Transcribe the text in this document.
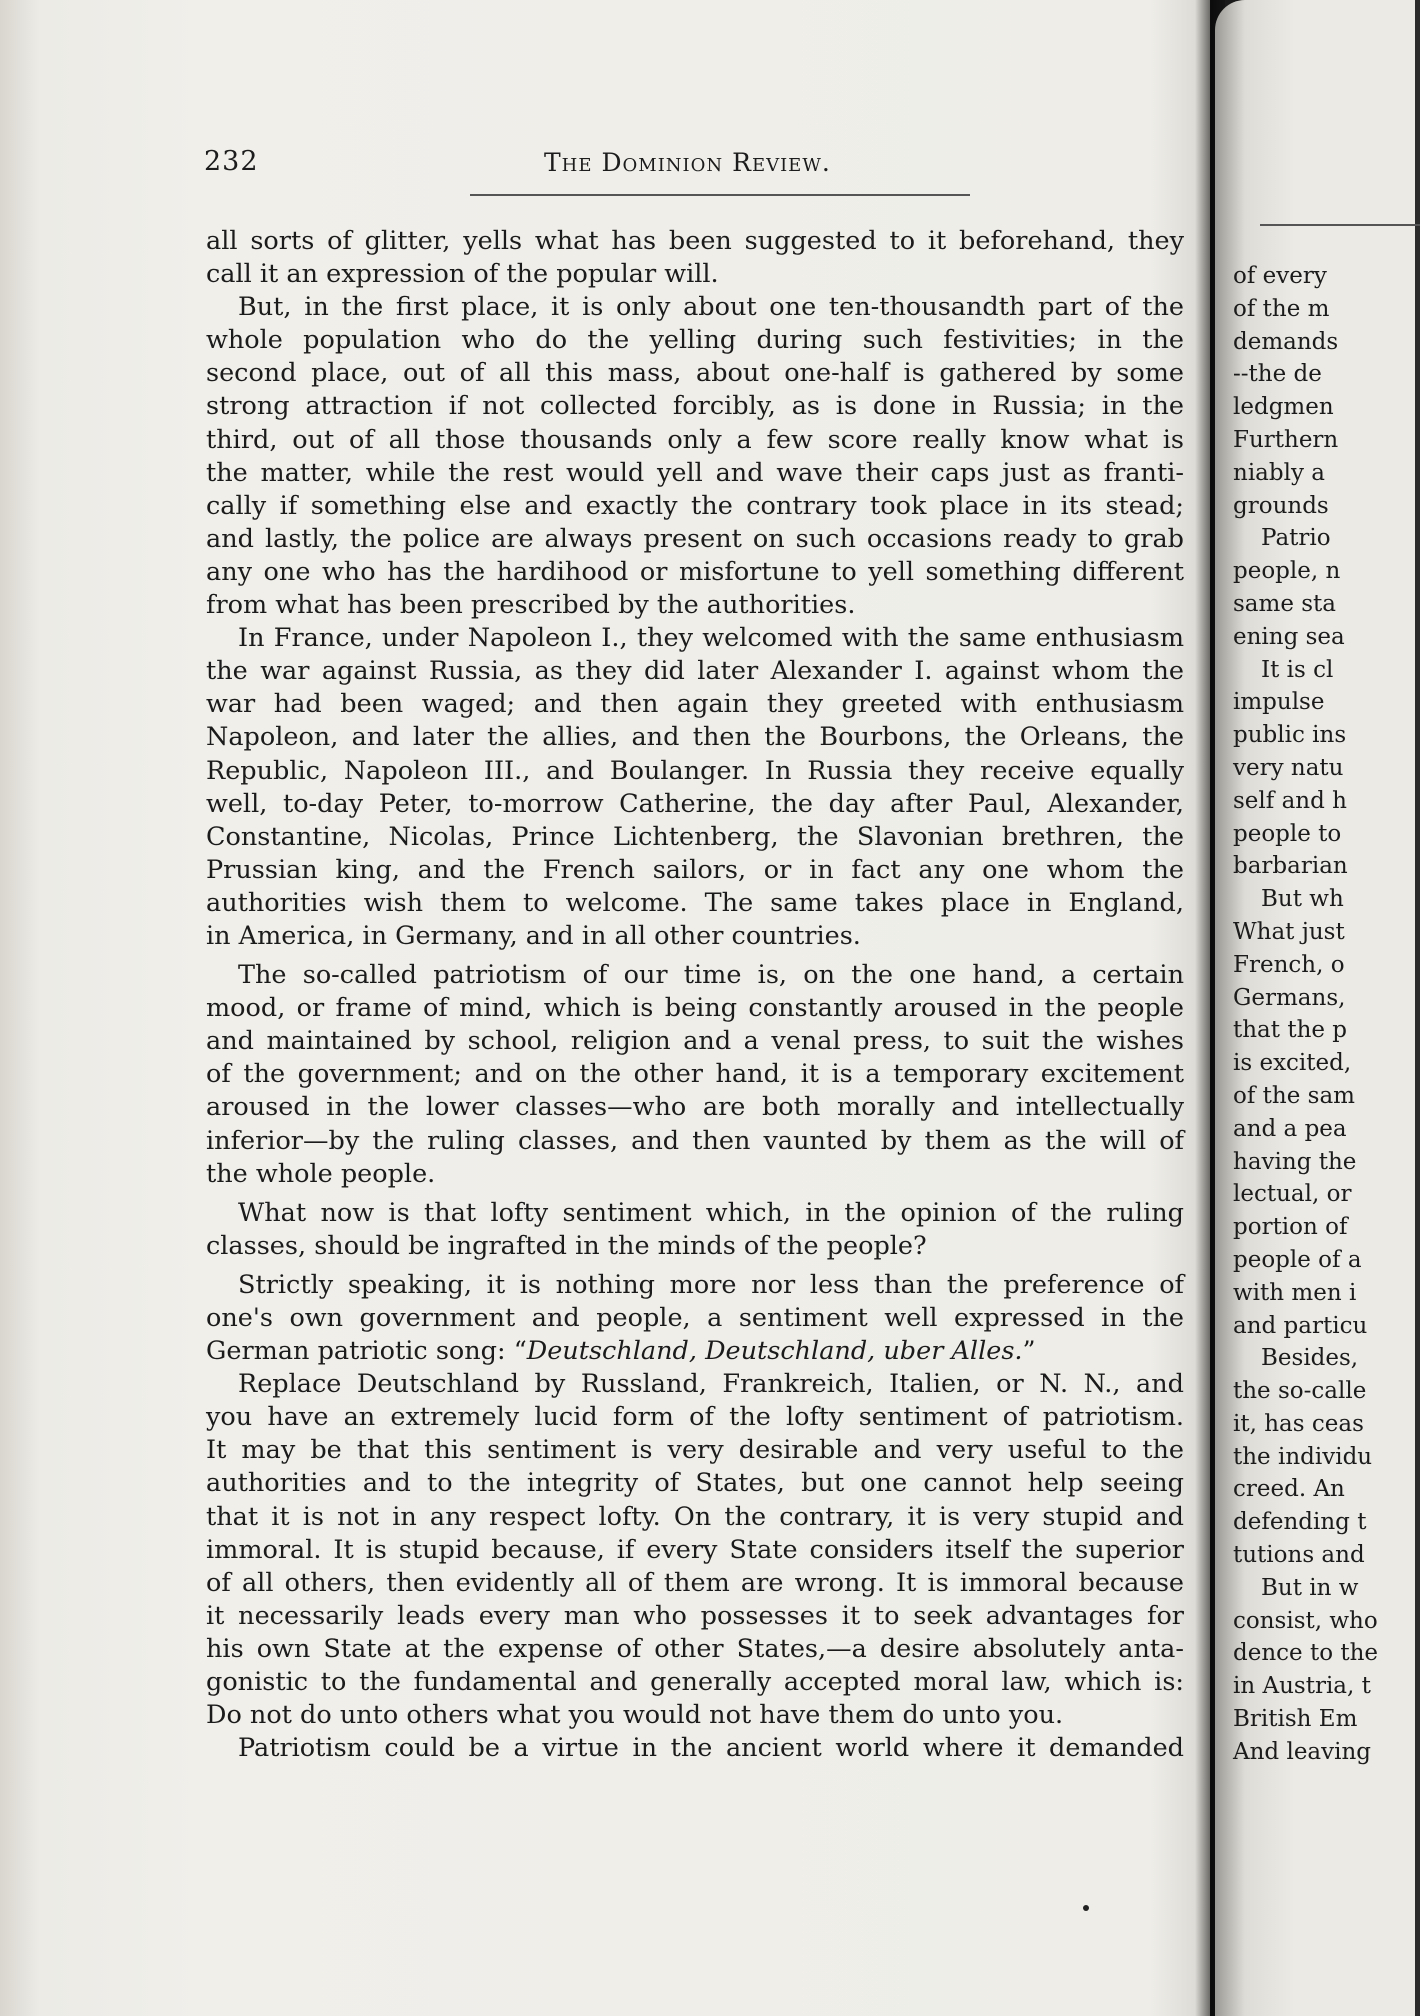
232	The Dominion Review.
all sorts of glitter, yells what has been suggested to it beforehand, they
call it an expression of the popular will.
But, in the first place, it is only about one ten-thousandth part of the
whole population who do the yelling during such festivities; in the
second place, out of all this mass, about one-half is gathered by some
strong attraction if not collected forcibly, as is done in Russia; in the
third, out of all those thousands only a few score really know what is
the matter, while the rest would yell and wave their caps just as franti-
cally if something else and exactly the contrary took place in its stead;
and lastly, the police are always present on such occasions ready to grab
any one who has the hardihood or misfortune to yell something different
from what has been prescribed by the authorities.
In France, under Napoleon I., they welcomed with the same enthusiasm
the war against Russia, as they did later Alexander I. against whom the
war had been waged; and then again they greeted with enthusiasm
Napoleon, and later the allies, and then the Bourbons, the Orleans, the
Republic, Napoleon III., and Boulanger. In Russia they receive equally
well, to-day Peter, to-morrow Catherine, the day after Paul, Alexander,
Constantine, Nicolas, Prince Lichtenberg, the Slavonian brethren, the
Prussian king, and the French sailors, or in fact any one whom the
authorities wish them to welcome. The same takes place in England,
in America, in Germany, and in all other countries.
The so-called patriotism of our time is, on the one hand, a certain
mood, or frame of mind, which is being constantly aroused in the people
and maintained by school, religion and a venal press, to suit the wishes
of the government; and on the other hand, it is a temporary excitement
aroused in the lower classes—who are both morally and intellectually
inferior—by the ruling classes, and then vaunted by them as the will of
the whole people.
What now is that lofty sentiment which, in the opinion of the ruling
classes, should be ingrafted in the minds of the people?
Strictly speaking, it is nothing more nor less than the preference of
one's own government and people, a sentiment well expressed in the
German patriotic song: “Deutschland, Deutschland, uber Alles.”
Replace Deutschland by Russland, Frankreich, Italien, or N. N., and
you have an extremely lucid form of the lofty sentiment of patriotism.
It may be that this sentiment is very desirable and very useful to the
authorities and to the integrity of States, but one cannot help seeing
that it is not in any respect lofty. On the contrary, it is very stupid and
immoral. It is stupid because, if every State considers itself the superior
of all others, then evidently all of them are wrong. It is immoral because
it necessarily leads every man who possesses it to seek advantages for
his own State at the expense of other States,—a desire absolutely anta-
gonistic to the fundamental and generally accepted moral law, which is:
Do not do unto others what you would not have them do unto you.
Patriotism could be a virtue in the ancient world where it demanded
of every
of the m
demands
--the de
ledgmen
Furthern
niably a
grounds
Patrio
people, n
same sta
ening sea
It is cl
impulse
public ins
very natu
self and h
people to
barbarian
But wh
What just
French, o
Germans,
that the p
is excited,
of the sam
and a pea
having the
lectual, or
portion of
people of a
with men i
and particu
Besides,
the so-calle
it, has ceas
the individu
creed. An
defending t
tutions and
But in w
consist, who
dence to the
in Austria, t
British Em
And leaving
